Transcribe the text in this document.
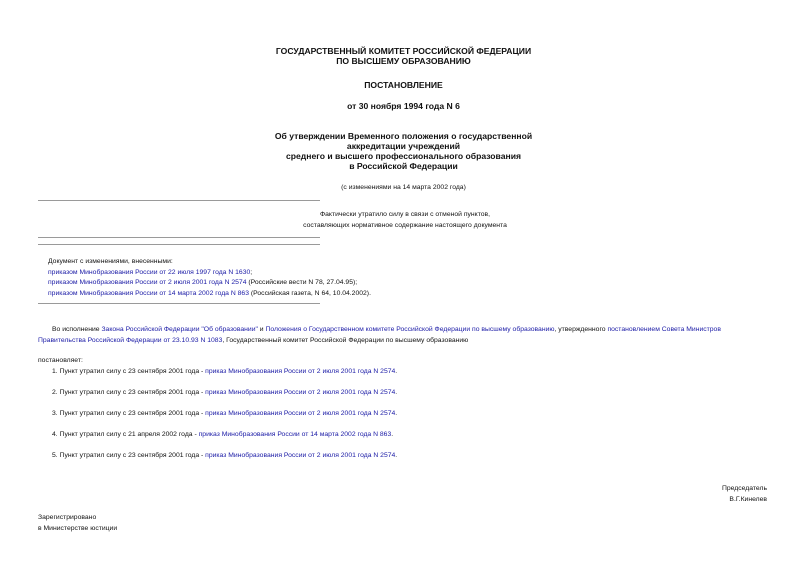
ГОСУДАРСТВЕННЫЙ КОМИТЕТ РОССИЙСКОЙ ФЕДЕРАЦИИ
ПО ВЫСШЕМУ ОБРАЗОВАНИЮ
ПОСТАНОВЛЕНИЕ
от 30 ноября 1994 года N 6
Об утверждении Временного положения о государственной
аккредитации учреждений
среднего и высшего профессионального образования
в Российской Федерации
(с изменениями на 14 марта 2002 года)
Фактически утратило силу в связи с отменой пунктов,
составляющих нормативное содержание настоящего документа
Документ с изменениями, внесенными:
приказом Минобразования России от 22 июля 1997 года N 1630;
приказом Минобразования России от 2 июля 2001 года N 2574 (Российские вести N 78, 27.04.95);
приказом Минобразования России от 14 марта 2002 года N 863 (Российская газета, N 64, 10.04.2002).
Во исполнение Закона Российской Федерации "Об образовании" и Положения о Государственном комитете Российской Федерации по высшему образованию, утвержденного постановлением Совета Министров Правительства Российской Федерации от 23.10.93 N 1083, Государственный комитет Российской Федерации по высшему образованию
постановляет:
1. Пункт утратил силу с 23 сентября 2001 года - приказ Минобразования России от 2 июля 2001 года N 2574.
2. Пункт утратил силу с 23 сентября 2001 года - приказ Минобразования России от 2 июля 2001 года N 2574.
3. Пункт утратил силу с 23 сентября 2001 года - приказ Минобразования России от 2 июля 2001 года N 2574.
4. Пункт утратил силу с 21 апреля 2002 года - приказ Минобразования России от 14 марта 2002 года N 863.
5. Пункт утратил силу с 23 сентября 2001 года - приказ Минобразования России от 2 июля 2001 года N 2574.
Председатель
В.Г.Кинелев
Зарегистрировано
в Министерстве юстиции
